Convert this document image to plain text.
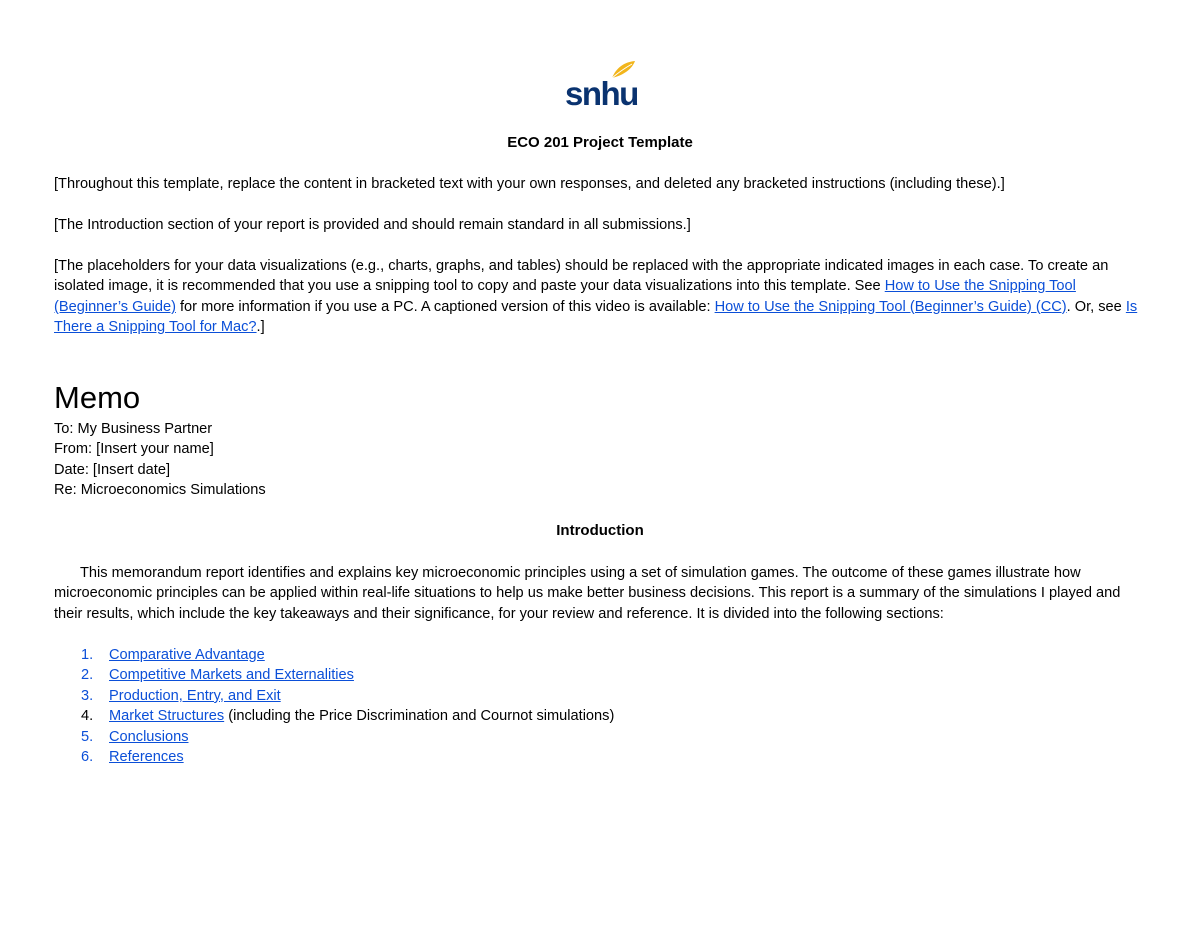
snhu
ECO 201 Project Template

[Throughout this template, replace the content in bracketed text with your own responses, and deleted any bracketed instructions (including these).]

[The Introduction section of your report is provided and should remain standard in all submissions.]

[The placeholders for your data visualizations (e.g., charts, graphs, and tables) should be replaced with the appropriate indicated images in each case. To create an isolated image, it is recommended that you use a snipping tool to copy and paste your data visualizations into this template. See How to Use the Snipping Tool (Beginner’s Guide) for more information if you use a PC. A captioned version of this video is available: How to Use the Snipping Tool (Beginner’s Guide) (CC). Or, see Is There a Snipping Tool for Mac?.]

Memo
To: My Business Partner
From: [Insert your name]
Date: [Insert date]
Re: Microeconomics Simulations
Introduction

This memorandum report identifies and explains key microeconomic principles using a set of simulation games. The outcome of these games illustrate how microeconomic principles can be applied within real-life situations to help us make better business decisions. This report is a summary of the simulations I played and their results, which include the key takeaways and their significance, for your review and reference. It is divided into the following sections:

1. Comparative Advantage
2. Competitive Markets and Externalities
3. Production, Entry, and Exit
4. Market Structures (including the Price Discrimination and Cournot simulations)
5. Conclusions
6. References
